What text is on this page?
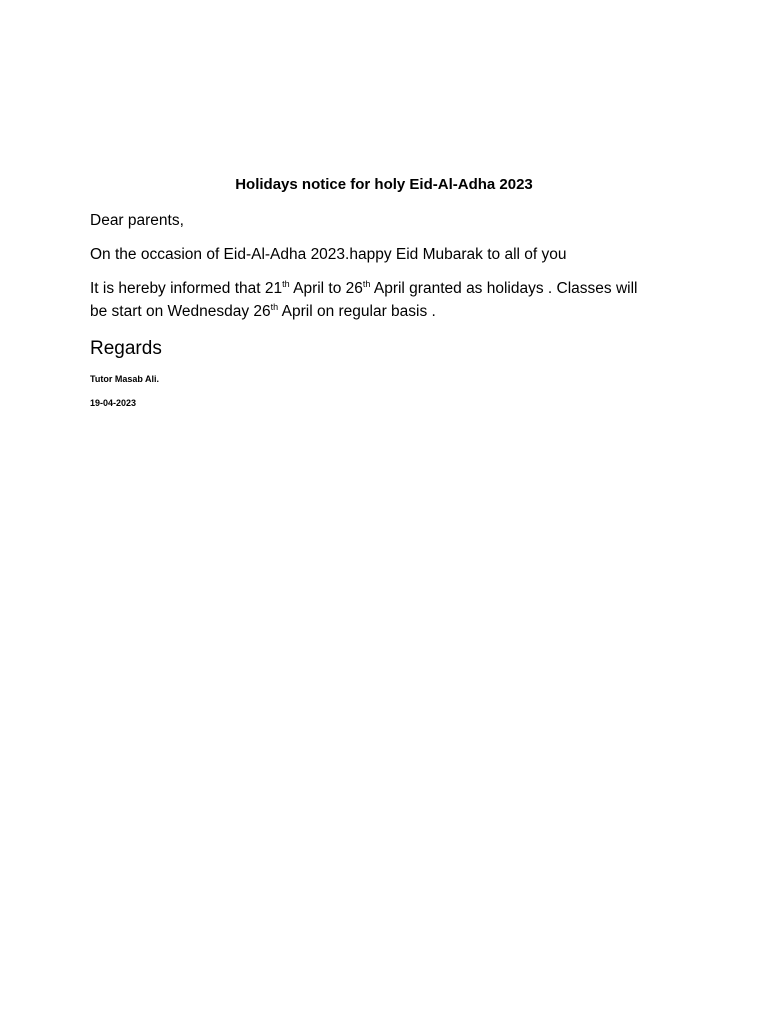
Holidays notice for holy Eid-Al-Adha 2023
Dear parents,
On the occasion of Eid-Al-Adha 2023.happy Eid Mubarak to all of you
It is hereby informed that 21th April to 26th April granted as holidays . Classes will
be start on Wednesday 26th April on regular basis .
Regards
Tutor Masab Ali.
19-04-2023
